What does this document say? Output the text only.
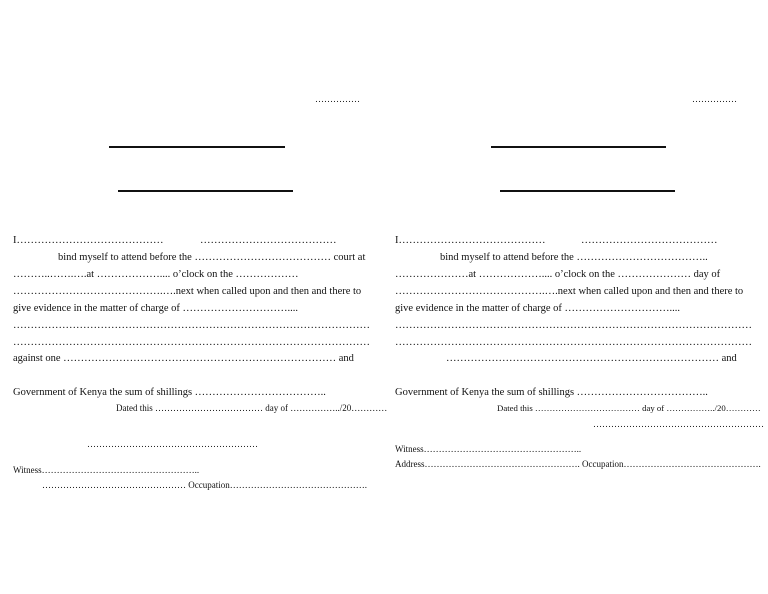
……………
I……………………………………	…………………………………
bind myself to attend before the ………………………………… court at
………..…….….at ……………….... o’clock on the ………………
…………………………………….….next when called upon and then and there to
give evidence in the matter of charge of …………………………....
…………………………………………………………………………………………
…………………………………………………………………………………………
against one …………………………………………………………………… and
Government of Kenya the sum of shillings ………………………………..
Dated this ……………………………… day of ……………../20…………
…………………………………………………
Witness……………………………………………..
………………………………………… Occupation……………………………………….
……………
I……………………………………	…………………………………
bind myself to attend before the ………………………………..
…………………at ……………….... o’clock on the ………………… day of
…………………………………….….next when called upon and then and there to
give evidence in the matter of charge of …………………………....
…………………………………………………………………………………………
…………………………………………………………………………………………
…………………………………………………………………… and
Government of Kenya the sum of shillings ………………………………..
Dated this ……………………………… day of ……………../20…………
…………………………………………………
Witness……………………………………………..
Address……………………………………………. Occupation……………………………………….
